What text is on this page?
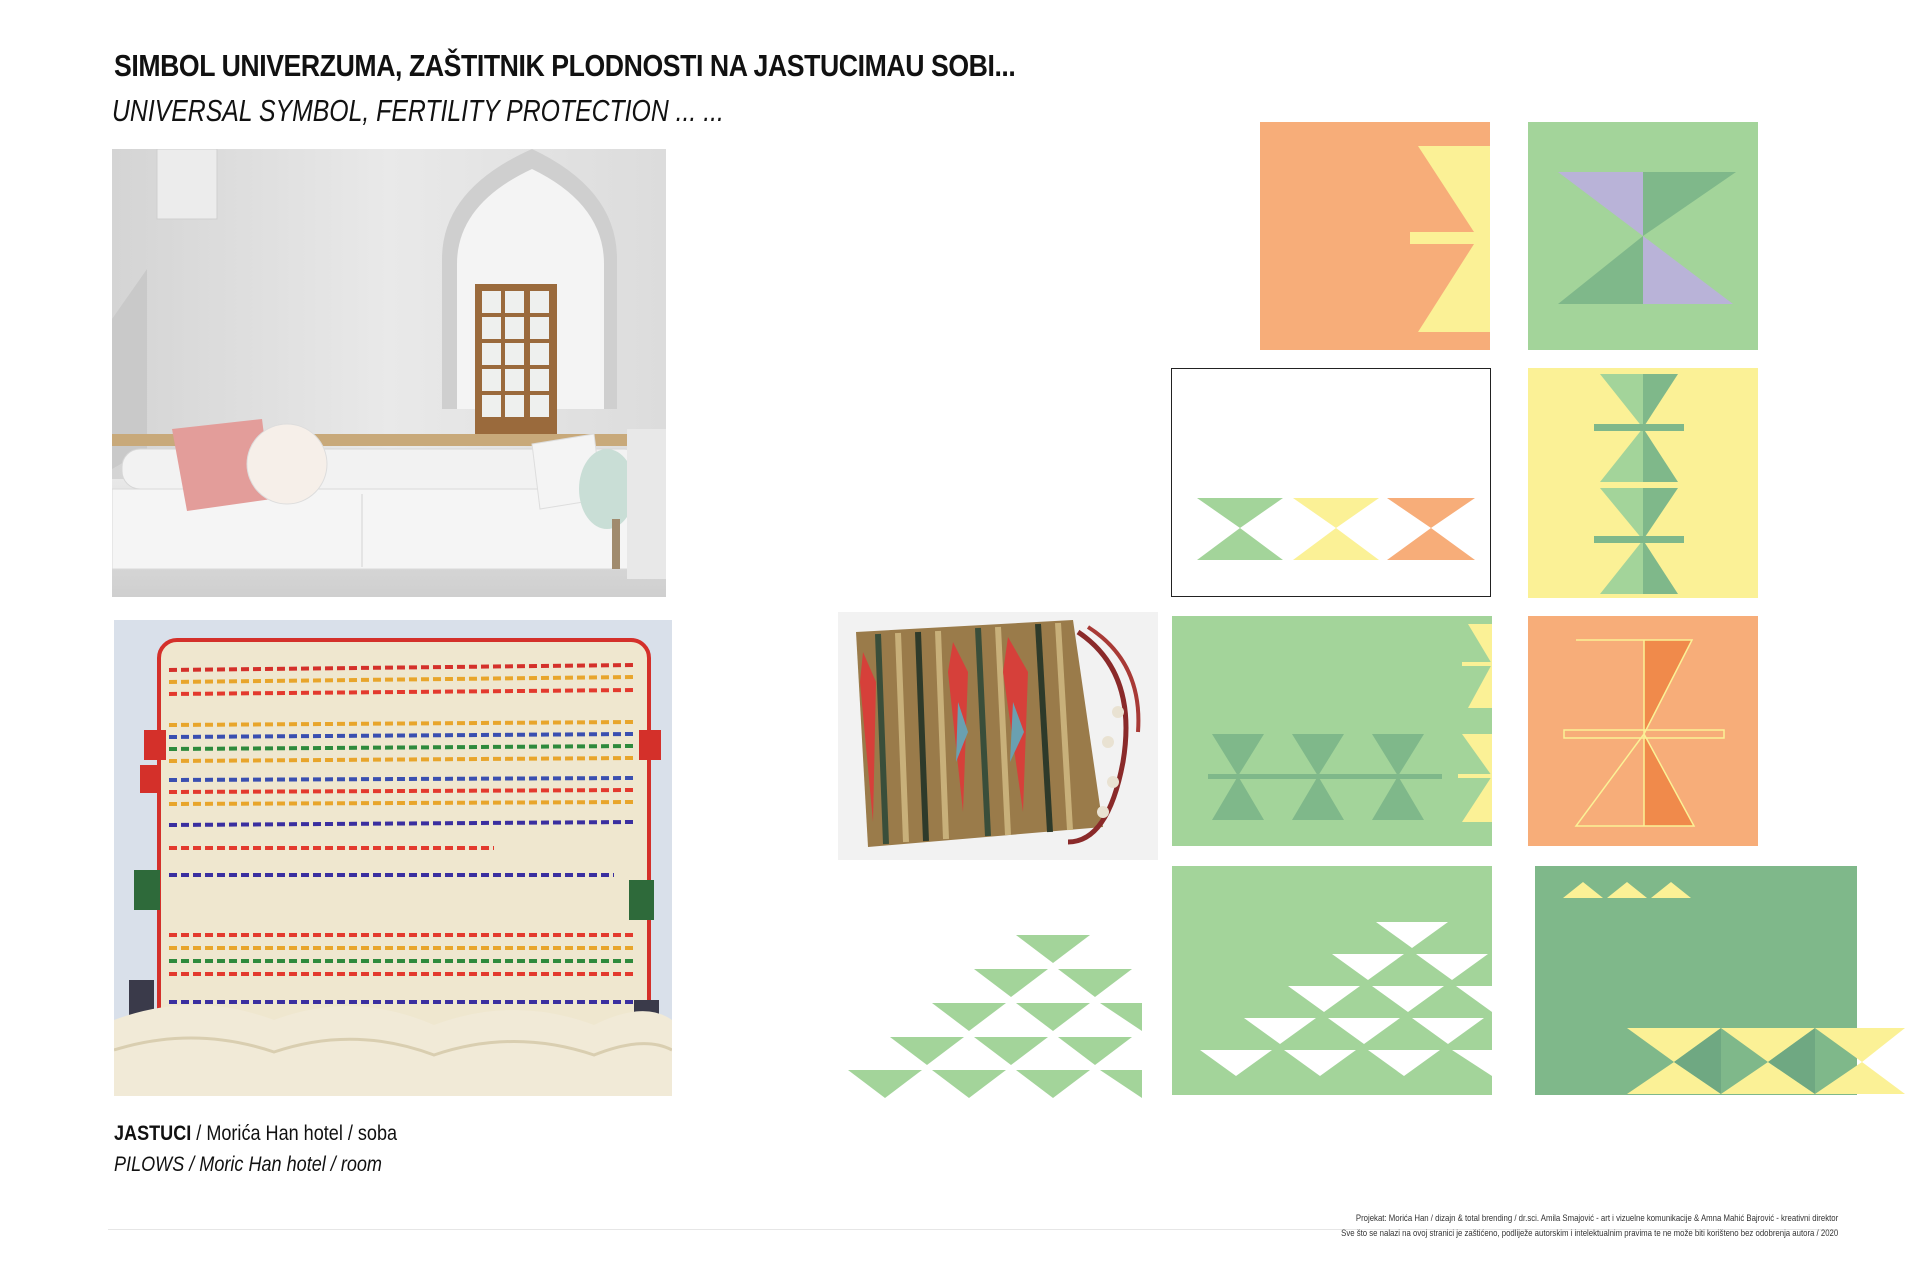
SIMBOL UNIVERZUMA, ZAŠTITNIK PLODNOSTI NA JASTUCIMAU SOBI...
UNIVERSAL SYMBOL, FERTILITY PROTECTION ... ...
JASTUCI / Morića Han hotel / soba
PILOWS / Moric Han hotel / room
Projekat: Morića Han / dizajn & total brending / dr.sci. Amila Smajović - art i vizuelne komunikacije & Amna Mahić Bajrović - kreativni direktor
Sve što se nalazi na ovoj stranici je zaštićeno, podliježe autorskim i intelektualnim pravima te ne može biti korišteno bez odobrenja autora / 2020
